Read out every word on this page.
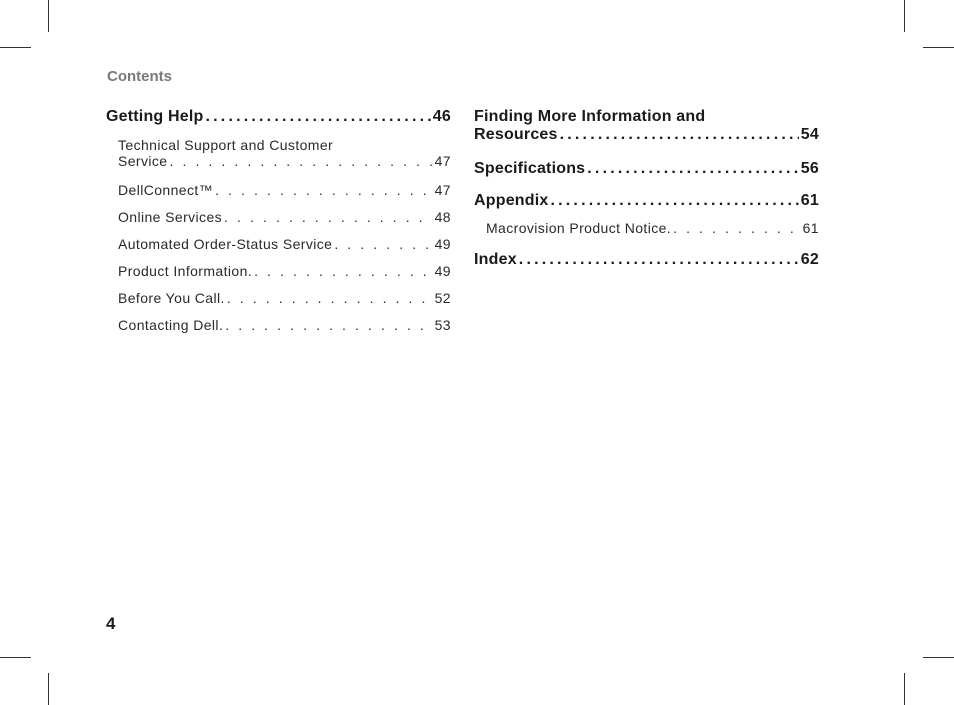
Contents
Getting Help .....	46
Technical Support and Customer
Service . . .	47
DellConnect™ . . .	47
Online Services . . .	48
Automated Order-Status Service . . .	49
Product Information. . . .	49
Before You Call. . . .	52
Contacting Dell. . . .	53
Finding More Information and
Resources .....	54
Specifications .....	56
Appendix .....	61
Macrovision Product Notice. . . .	61
Index .....	62
4
